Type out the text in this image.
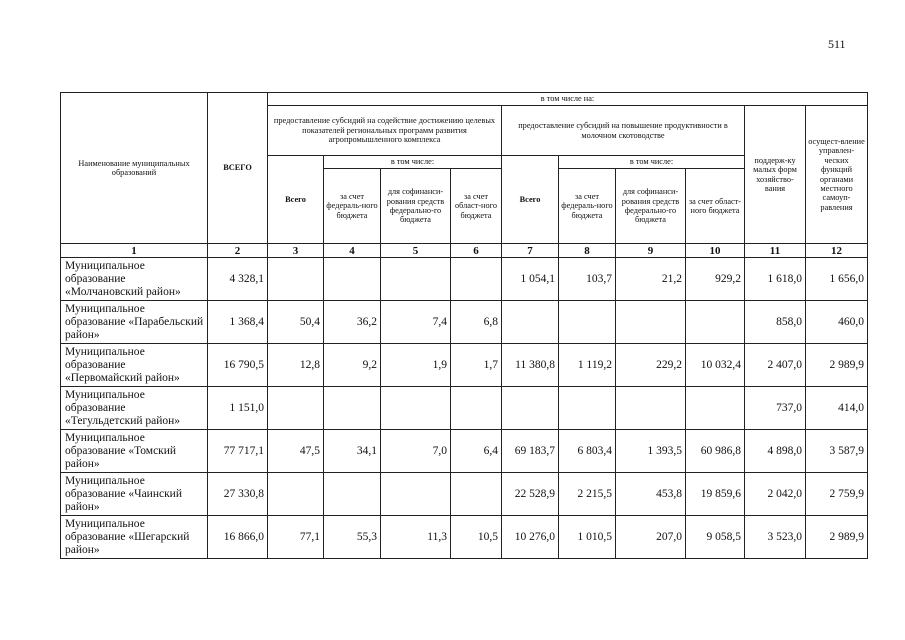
511
Наименование муниципальных образований	ВСЕГО	в том числе на:									
		предоставление субсидий на содействие достижению целевых показателей региональных программ развития агропромышленного комплекса				предоставление субсидий на повышение продуктивности в молочном скотоводстве				поддерж-ку малых форм хозяйство-вания	осущест-вление управлен-ческих функций органами местного самоуп-равления
		Всего	в том числе:			Всего	в том числе:				
			за счет федераль-ного бюджета	для софинанси-рования средств федерально-го бюджета	за счет област-ного бюджета		за счет федераль-ного бюджета	для софинанси-рования средств федерально-го бюджета	за счет област-ного бюджета		
1	2	3	4	5	6	7	8	9	10	11	12
Муниципальное образование «Молчановский район»	4 328,1					1 054,1	103,7	21,2	929,2	1 618,0	1 656,0
Муниципальное образование «Парабельский район»	1 368,4	50,4	36,2	7,4	6,8					858,0	460,0
Муниципальное образование «Первомайский район»	16 790,5	12,8	9,2	1,9	1,7	11 380,8	1 119,2	229,2	10 032,4	2 407,0	2 989,9
Муниципальное образование «Тегульдетский район»	1 151,0									737,0	414,0
Муниципальное образование «Томский район»	77 717,1	47,5	34,1	7,0	6,4	69 183,7	6 803,4	1 393,5	60 986,8	4 898,0	3 587,9
Муниципальное образование «Чаинский район»	27 330,8					22 528,9	2 215,5	453,8	19 859,6	2 042,0	2 759,9
Муниципальное образование «Шегарский район»	16 866,0	77,1	55,3	11,3	10,5	10 276,0	1 010,5	207,0	9 058,5	3 523,0	2 989,9
